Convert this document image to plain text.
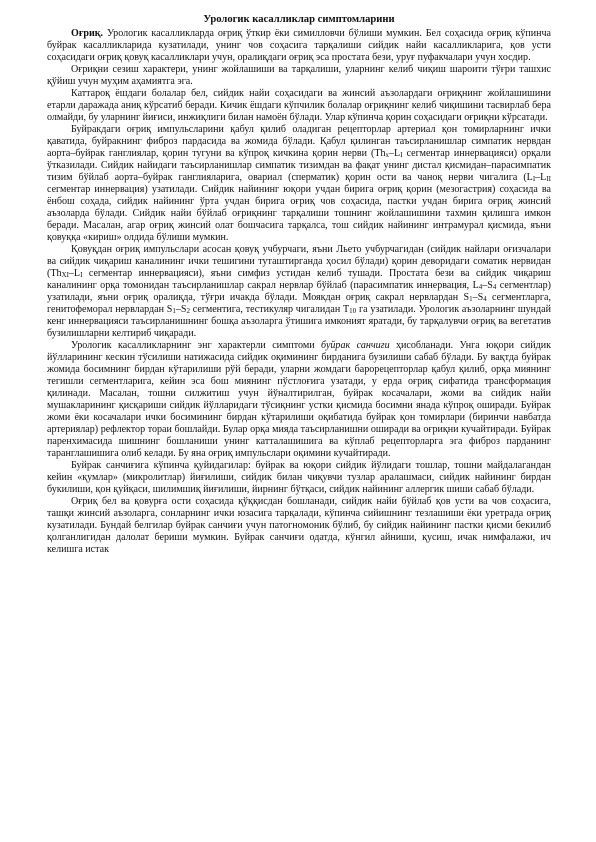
Урологик касалликлар симптомларини

Оғриқ. Урологик касалликларда оғриқ ўткир ёки симилловчи бўлиши мумкин. Бел соҳасида оғриқ кўпинча буйрак касалликларида кузатилади, унинг чов соҳасига тарқалиши сийдик найи касалликларига, қов усти соҳасидаги оғриқ қовуқ касалликлари учун, оралиқдаги оғриқ эса простата бези, уруғ пуфакчалари учун хосдир.

Оғриқни сезиш характери, унинг жойлашиши ва тарқалиши, уларнинг келиб чиқиш шароити тўғри ташхис қўйиш учун муҳим аҳамиятга эга.

Каттароқ ёшдаги болалар бел, сийдик найи соҳасидаги ва жинсий аъзолардаги оғриқнинг жойлашишини етарли даражада аниқ кўрсатиб беради. Кичик ёшдаги кўпчилик болалар оғриқнинг келиб чиқишини тасвирлаб бера олмайди, бу уларнинг йиғиси, инжиқлиги билан намоён бўлади. Улар кўпинча қорин соҳасидаги оғриқни кўрсатади.

Буйракдаги оғриқ импульсларини қабул қилиб оладиган рецепторлар артериал қон томирларнинг ички қаватида, буйракнинг фиброз пардасида ва жомида бўлади. Қабул қилинган таъсирланишлар симпатик нервдан аорта–буйрак ганглиялар, қорин тугуни ва кўпроқ кичкина қорин нерви ($Th_x-L_I$ сегментар иннервацияси) орқали ўтказилади. Сийдик найидаги таъсирланишлар симпатик тизимдан ва фақат унинг дистал қисмидан–парасимпатик тизим бўйлаб аорта–буйрак ганглияларига, овариал (сперматик) қорин ости ва чаноқ нерви чигалига ($L_I-L_{II}$ сегментар иннервация) узатилади. Сийдик найининг юқори учдан бирига оғриқ қорин (мезогастрия) соҳасида ва ёнбош соҳада, сийдик найининг ўрта учдан бирига оғриқ чов соҳасида, пастки учдан бирига оғриқ жинсий аъзоларда бўлади. Сийдик найи бўйлаб оғриқнинг тарқалиши тошнинг жойлашишини тахмин қилишга имкон беради. Масалан, агар оғриқ жинсий олат бошчасига тарқалса, тош сийдик найининг интрамурал қисмида, яъни қовуққа «кириш» олдида бўлиши мумкин.

Қовуқдан оғриқ импульслари асосан қовуқ учбурчаги, яъни Льето учбурчагидан (сийдик найлари оғизчалари ва сийдик чиқариш каналининг ички тешигини туташтирганда ҳосил бўлади) қорин деворидаги соматик нервидан ($Th_{XI}-L_I$ сегментар иннервацияси), яъни симфиз устидан келиб тушади. Простата бези ва сийдик чиқариш каналининг орқа томонидан таъсирланишлар сакрал нервлар бўйлаб (парасимпатик иннервация, $L_4-S_4$ сегментлар) узатилади, яъни оғриқ оралиқда, тўғри ичакда бўлади. Моякдан оғриқ сакрал нервлардан $S_1-S_4$ сегментларга, генитофеморал нервлардан $S_1-S_2$ сегментига, тестикуляр чигалидан $T_{10}$ га узатилади. Урологик аъзоларнинг шундай кенг иннервацияси таъсирланишнинг бошқа аъзоларга ўтишига имконият яратади, бу тарқалувчи оғриқ ва вегетатив бузилишларни келтириб чиқаради.

Урологик касалликларнинг энг характерли симптоми буйрак санчиғи ҳисобланади. Унга юқори сийдик йўлларининг кескин тўсилиши натижасида сийдик оқимининг бирданига бузилиши сабаб бўлади. Бу вақтда буйрак жомида босимнинг бирдан кўтарилиши рўй беради, уларни жомдаги барорецепторлар қабул қилиб, орқа миянинг тегишли сегментларига, кейин эса бош миянинг пўстлоғига узатади, у ерда оғриқ сифатида трансформация қилинади. Масалан, тошни силжитиш учун йўналтирилган, буйрак косачалари, жоми ва сийдик найи мушакларининг қисқариши сийдик йўлларидаги тўсиқнинг устки қисмида босимни янада кўпроқ оширади. Буйрак жоми ёки косачалари ички босимининг бирдан кўтарилиши оқибатида буйрак қон томирлари (биринчи навбатда артериялар) рефлектор тораи бошлайди. Булар орқа мияда таъсирланишни оширади ва оғриқни кучайтиради. Буйрак паренхимасида шишнинг бошланиши унинг катталашишига ва кўплаб рецепторларга эга фиброз парданинг таранглашишига олиб келади. Бу яна оғриқ импульслари оқимини кучайтиради.

Буйрак санчиғига кўпинча қуйидагилар: буйрак ва юқори сийдик йўлидаги тошлар, тошни майдалагандан кейин «қумлар» (микролитлар) йиғилиши, сийдик билан чиқувчи тузлар аралашмаси, сийдик найининг бирдан букилиши, қон қуйқаси, шилимшиқ йиғилиши, йирнинг бўтқаси, сийдик найининг аллергик шиши сабаб бўлади.

Оғриқ бел ва қовурға ости соҳасида қўққисдан бошланади, сийдик найи бўйлаб қов усти ва чов соҳасига, ташқи жинсий аъзоларга, сонларнинг ички юзасига тарқалади, кўпинча сийишнинг тезлашиши ёки уретрада оғриқ кузатилади. Бундай белгилар буйрак санчиғи учун патогномоник бўлиб, бу сийдик найининг пастки қисми бекилиб қолганлигидан далолат бериши мумкин. Буйрак санчиғи одатда, кўнгил айниши, қусиш, ичак нимфалажи, ич келишга истак
